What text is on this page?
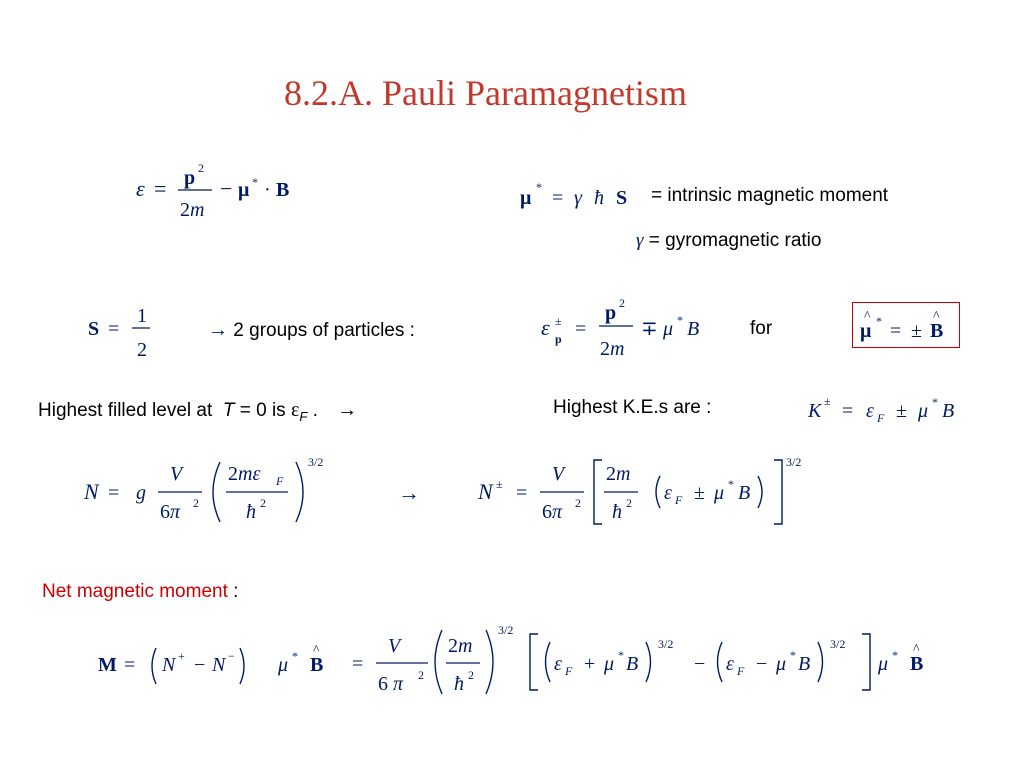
8.2.A. Pauli Paramagnetism
ε = p 2
2m
− μ * · B	μ * = γ ħ S = intrinsic magnetic moment
γ = gyromagnetic ratio
S =
1
2
→ 2 groups of particles :	ε ±
p =
p 2
2m
∓ μ * B	for	μ
^ * = ± B
^
Highest filled level at T = 0 is $\varepsilon_F$ . →	Highest K.E.s are :	K ± = ε F ± μ * B
N = g
V
6π 2
2mε F
ħ 2
3/2
→	N ± =
V
6π 2
2m
ħ 2 ε F ± μ * B
3/2
Net magnetic moment :
M = N + − N − μ * B
^
=
V
6 π 2
2m
ħ 2
3/2
ε F + μ * B
3/2
− ε F − μ * B
3/2
μ * B
^
